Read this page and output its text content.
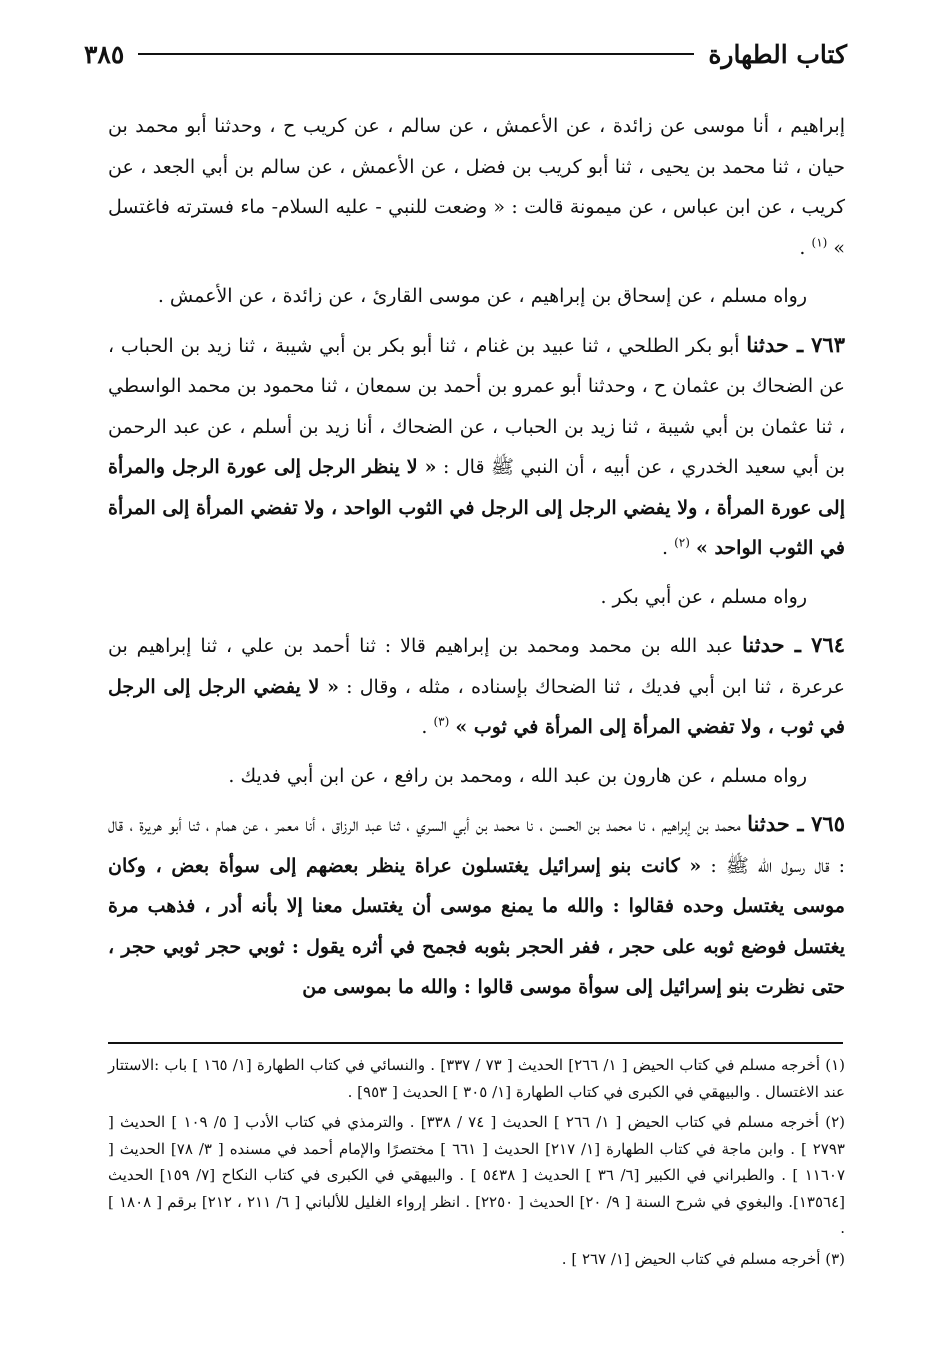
كتاب الطهارة
٣٨٥

إبراهيم ، أنا موسى عن زائدة ، عن الأعمش ، عن سالم ، عن كريب ح ، وحدثنا أبو محمد بن حيان ، ثنا محمد بن يحيى ، ثنا أبو كريب بن فضل ، عن الأعمش ، عن سالم بن أبي الجعد ، عن كريب ، عن ابن عباس ، عن ميمونة قالت : « وضعت للنبي - عليه السلام- ماء فسترته فاغتسل » $^{(١)}$ .

رواه مسلم ، عن إسحاق بن إبراهيم ، عن موسى القارئ ، عن زائدة ، عن الأعمش .

٧٦٣ ـ حدثنا أبو بكر الطلحي ، ثنا عبيد بن غنام ، ثنا أبو بكر بن أبي شيبة ، ثنا زيد بن الحباب ، عن الضحاك بن عثمان ح ، وحدثنا أبو عمرو بن أحمد بن سمعان ، ثنا محمود بن محمد الواسطي ، ثنا عثمان بن أبي شيبة ، ثنا زيد بن الحباب ، عن الضحاك ، أنا زيد بن أسلم ، عن عبد الرحمن بن أبي سعيد الخدري ، عن أبيه ، أن النبي ﷺ قال : « لا ينظر الرجل إلى عورة الرجل والمرأة إلى عورة المرأة ، ولا يفضي الرجل إلى الرجل في الثوب الواحد ، ولا تفضي المرأة إلى المرأة في الثوب الواحد » $^{(٢)}$ .

رواه مسلم ، عن أبي بكر .

٧٦٤ ـ حدثنا عبد الله بن محمد ومحمد بن إبراهيم قالا : ثنا أحمد بن علي ، ثنا إبراهيم بن عرعرة ، ثنا ابن أبي فديك ، ثنا الضحاك بإسناده ، مثله ، وقال : « لا يفضي الرجل إلى الرجل في ثوب ، ولا تفضي المرأة إلى المرأة في ثوب » $^{(٣)}$ .

رواه مسلم ، عن هارون بن عبد الله ، ومحمد بن رافع ، عن ابن أبي فديك .

٧٦٥ ـ حدثنا محمد بن إبراهيم ، نا محمد بن الحسن ، نا محمد بن أبي السري ، ثنا عبد الرزاق ، أنا معمر ، عن همام ، ثنا أبو هريرة ، قال : قال رسول الله ﷺ : « كانت بنو إسرائيل يغتسلون عراة ينظر بعضهم إلى سوأة بعض ، وكان موسى يغتسل وحده فقالوا : والله ما يمنع موسى أن يغتسل معنا إلا بأنه أدر ، فذهب مرة يغتسل فوضع ثوبه على حجر ، ففر الحجر بثوبه فجمح في أثره يقول : ثوبي حجر ثوبي حجر ، حتى نظرت بنو إسرائيل إلى سوأة موسى قالوا : والله ما بموسى من

(١) أخرجه مسلم في كتاب الحيض [ ١/ ٢٦٦] الحديث [ ٧٣ / ٣٣٧] . والنسائي في كتاب الطهارة [١/ ١٦٥ ] باب :الاستتار عند الاغتسال . والبيهقي في الكبرى في كتاب الطهارة [١/ ٣٠٥ ] الحديث [ ٩٥٣] .

(٢) أخرجه مسلم في كتاب الحيض [ ١/ ٢٦٦ ] الحديث [ ٧٤ / ٣٣٨] . والترمذي في كتاب الأدب [ ٥/ ١٠٩ ] الحديث [ ٢٧٩٣ ] . وابن ماجة في كتاب الطهارة [١/ ٢١٧] الحديث [ ٦٦١ ] مختصرًا والإمام أحمد في مسنده [ ٣/ ٧٨] الحديث [ ١١٦٠٧ ] . والطبراني في الكبير [٦/ ٣٦ ] الحديث [ ٥٤٣٨ ] . والبيهقي في الكبرى في كتاب النكاح [٧/ ١٥٩] الحديث [١٣٥٦٤]. والبغوي في شرح السنة [ ٩/ ٢٠] الحديث [ ٢٢٥٠] . انظر إرواء الغليل للألباني [ ٦/ ٢١١ ، ٢١٢] برقم [ ١٨٠٨ ] .

(٣) أخرجه مسلم في كتاب الحيض [١/ ٢٦٧ ] .
